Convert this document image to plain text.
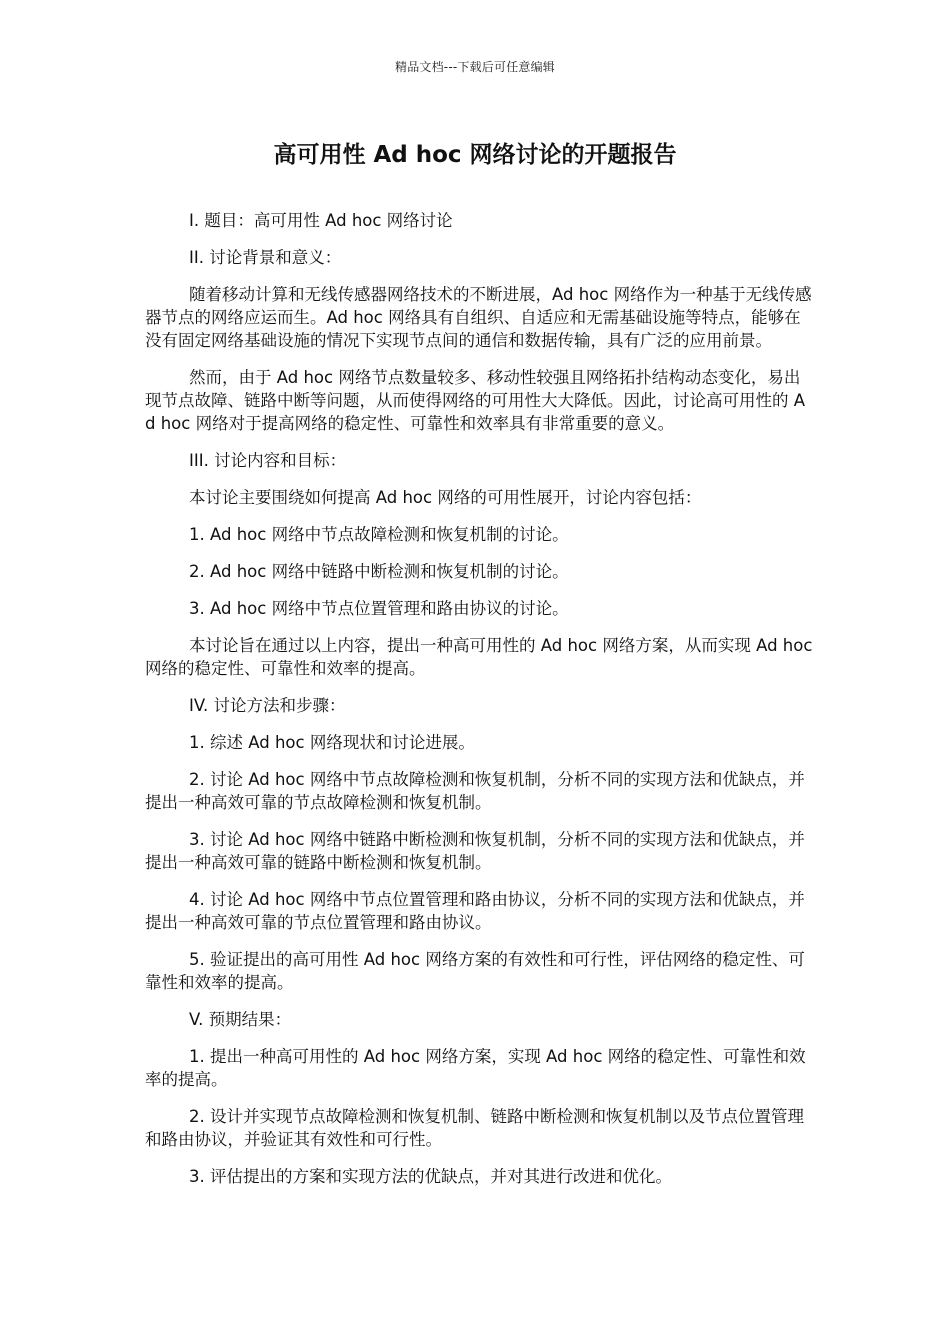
精品文档---下载后可任意编辑
高可用性 Ad hoc 网络讨论的开题报告

I. 题目：高可用性 Ad hoc 网络讨论

II. 讨论背景和意义：

随着移动计算和无线传感器网络技术的不断进展，Ad hoc 网络作为一种基于无线传感器节点的网络应运而生。Ad hoc 网络具有自组织、自适应和无需基础设施等特点，能够在没有固定网络基础设施的情况下实现节点间的通信和数据传输，具有广泛的应用前景。

然而，由于 Ad hoc 网络节点数量较多、移动性较强且网络拓扑结构动态变化，易出现节点故障、链路中断等问题，从而使得网络的可用性大大降低。因此，讨论高可用性的 Ad hoc 网络对于提高网络的稳定性、可靠性和效率具有非常重要的意义。

III. 讨论内容和目标：

本讨论主要围绕如何提高 Ad hoc 网络的可用性展开，讨论内容包括：

1. Ad hoc 网络中节点故障检测和恢复机制的讨论。

2. Ad hoc 网络中链路中断检测和恢复机制的讨论。

3. Ad hoc 网络中节点位置管理和路由协议的讨论。

本讨论旨在通过以上内容，提出一种高可用性的 Ad hoc 网络方案，从而实现 Ad hoc 网络的稳定性、可靠性和效率的提高。

IV. 讨论方法和步骤：

1. 综述 Ad hoc 网络现状和讨论进展。

2. 讨论 Ad hoc 网络中节点故障检测和恢复机制，分析不同的实现方法和优缺点，并提出一种高效可靠的节点故障检测和恢复机制。

3. 讨论 Ad hoc 网络中链路中断检测和恢复机制，分析不同的实现方法和优缺点，并提出一种高效可靠的链路中断检测和恢复机制。

4. 讨论 Ad hoc 网络中节点位置管理和路由协议，分析不同的实现方法和优缺点，并提出一种高效可靠的节点位置管理和路由协议。

5. 验证提出的高可用性 Ad hoc 网络方案的有效性和可行性，评估网络的稳定性、可靠性和效率的提高。

V. 预期结果：

1. 提出一种高可用性的 Ad hoc 网络方案，实现 Ad hoc 网络的稳定性、可靠性和效率的提高。

2. 设计并实现节点故障检测和恢复机制、链路中断检测和恢复机制以及节点位置管理和路由协议，并验证其有效性和可行性。

3. 评估提出的方案和实现方法的优缺点，并对其进行改进和优化。
